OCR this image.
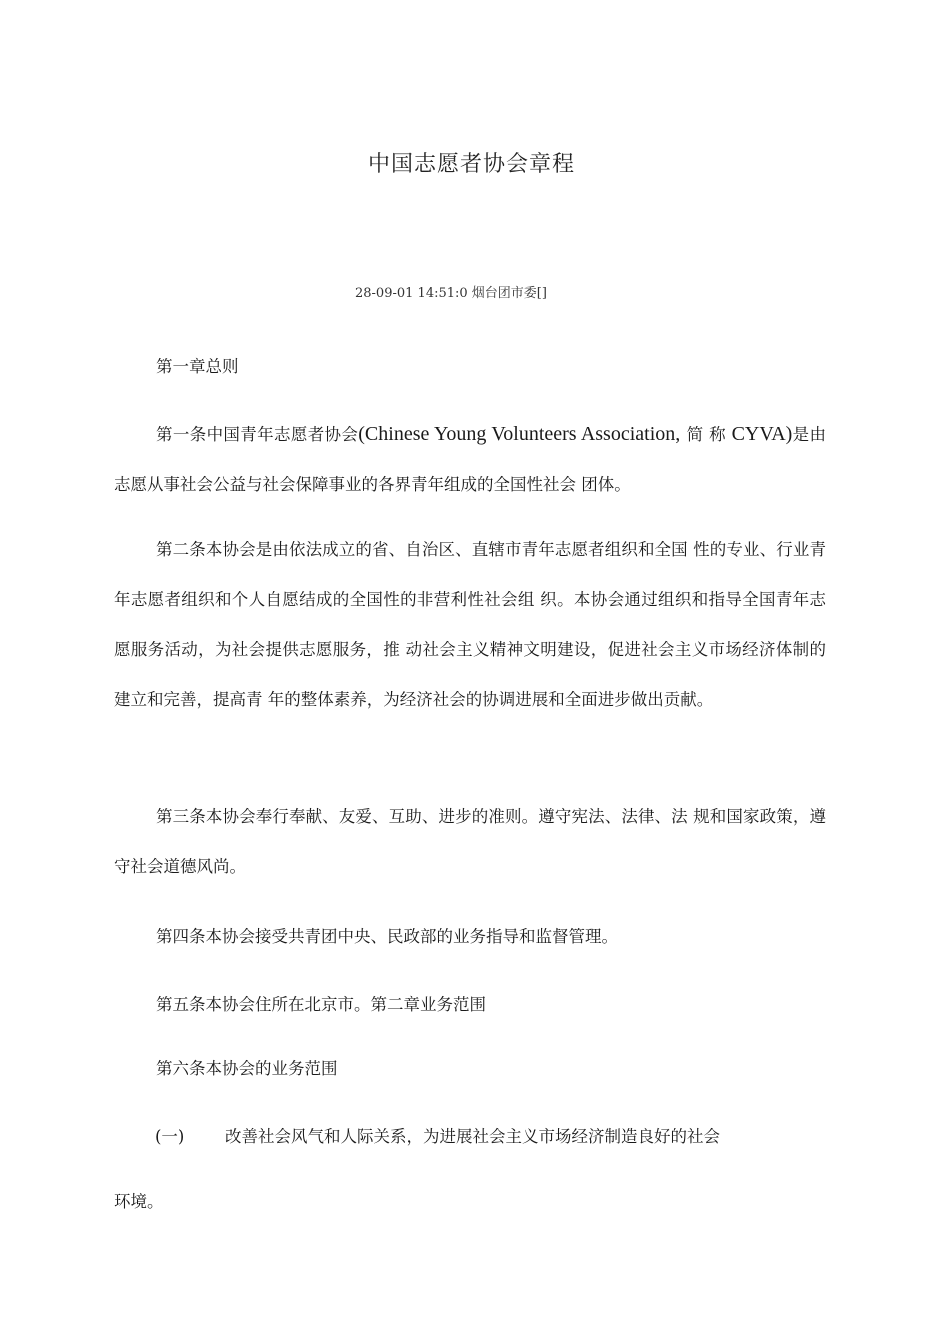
中国志愿者协会章程
28-09-01 14:51:0 烟台团市委[]

第一章总则

第一条中国青年志愿者协会(Chinese Young Volunteers Association, 简 称 CYVA)是由志愿从事社会公益与社会保障事业的各界青年组成的全国性社会 团体。

第二条本协会是由依法成立的省、自治区、直辖市青年志愿者组织和全国 性的专业、行业青年志愿者组织和个人自愿结成的全国性的非营利性社会组 织。本协会通过组织和指导全国青年志愿服务活动，为社会提供志愿服务，推 动社会主义精神文明建设，促进社会主义市场经济体制的建立和完善，提高青 年的整体素养，为经济社会的协调进展和全面进步做出贡献。

第三条本协会奉行奉献、友爱、互助、进步的准则。遵守宪法、法律、法 规和国家政策，遵守社会道德风尚。

第四条本协会接受共青团中央、民政部的业务指导和监督管理。

第五条本协会住所在北京市。第二章业务范围

第六条本协会的业务范围

(一)	改善社会风气和人际关系，为进展社会主义市场经济制造良好的社会
环境。
